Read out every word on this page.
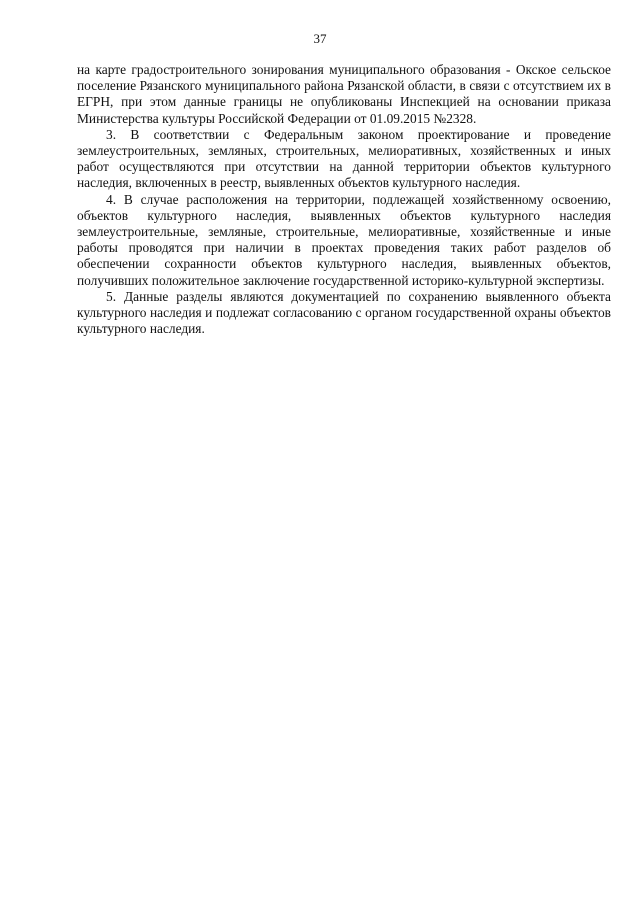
37

на карте градостроительного зонирования муниципального образования - Окское сельское поселение Рязанского муниципального района Рязанской области, в связи с отсутствием их в ЕГРН, при этом данные границы не опубликованы Инспекцией на основании приказа Министерства культуры Российской Федерации от 01.09.2015 №2328.

3. В соответствии с Федеральным законом проектирование и проведение землеустроительных, земляных, строительных, мелиоративных, хозяйственных и иных работ осуществляются при отсутствии на данной территории объектов культурного наследия, включенных в реестр, выявленных объектов культурного наследия.

4. В случае расположения на территории, подлежащей хозяйственному освоению, объектов культурного наследия, выявленных объектов культурного наследия землеустроительные, земляные, строительные, мелиоративные, хозяйственные и иные работы проводятся при наличии в проектах проведения таких работ разделов об обеспечении сохранности объектов культурного наследия, выявленных объектов, получивших положительное заключение государственной историко-культурной экспертизы.

5. Данные разделы являются документацией по сохранению выявленного объекта культурного наследия и подлежат согласованию с органом государственной охраны объектов культурного наследия.
